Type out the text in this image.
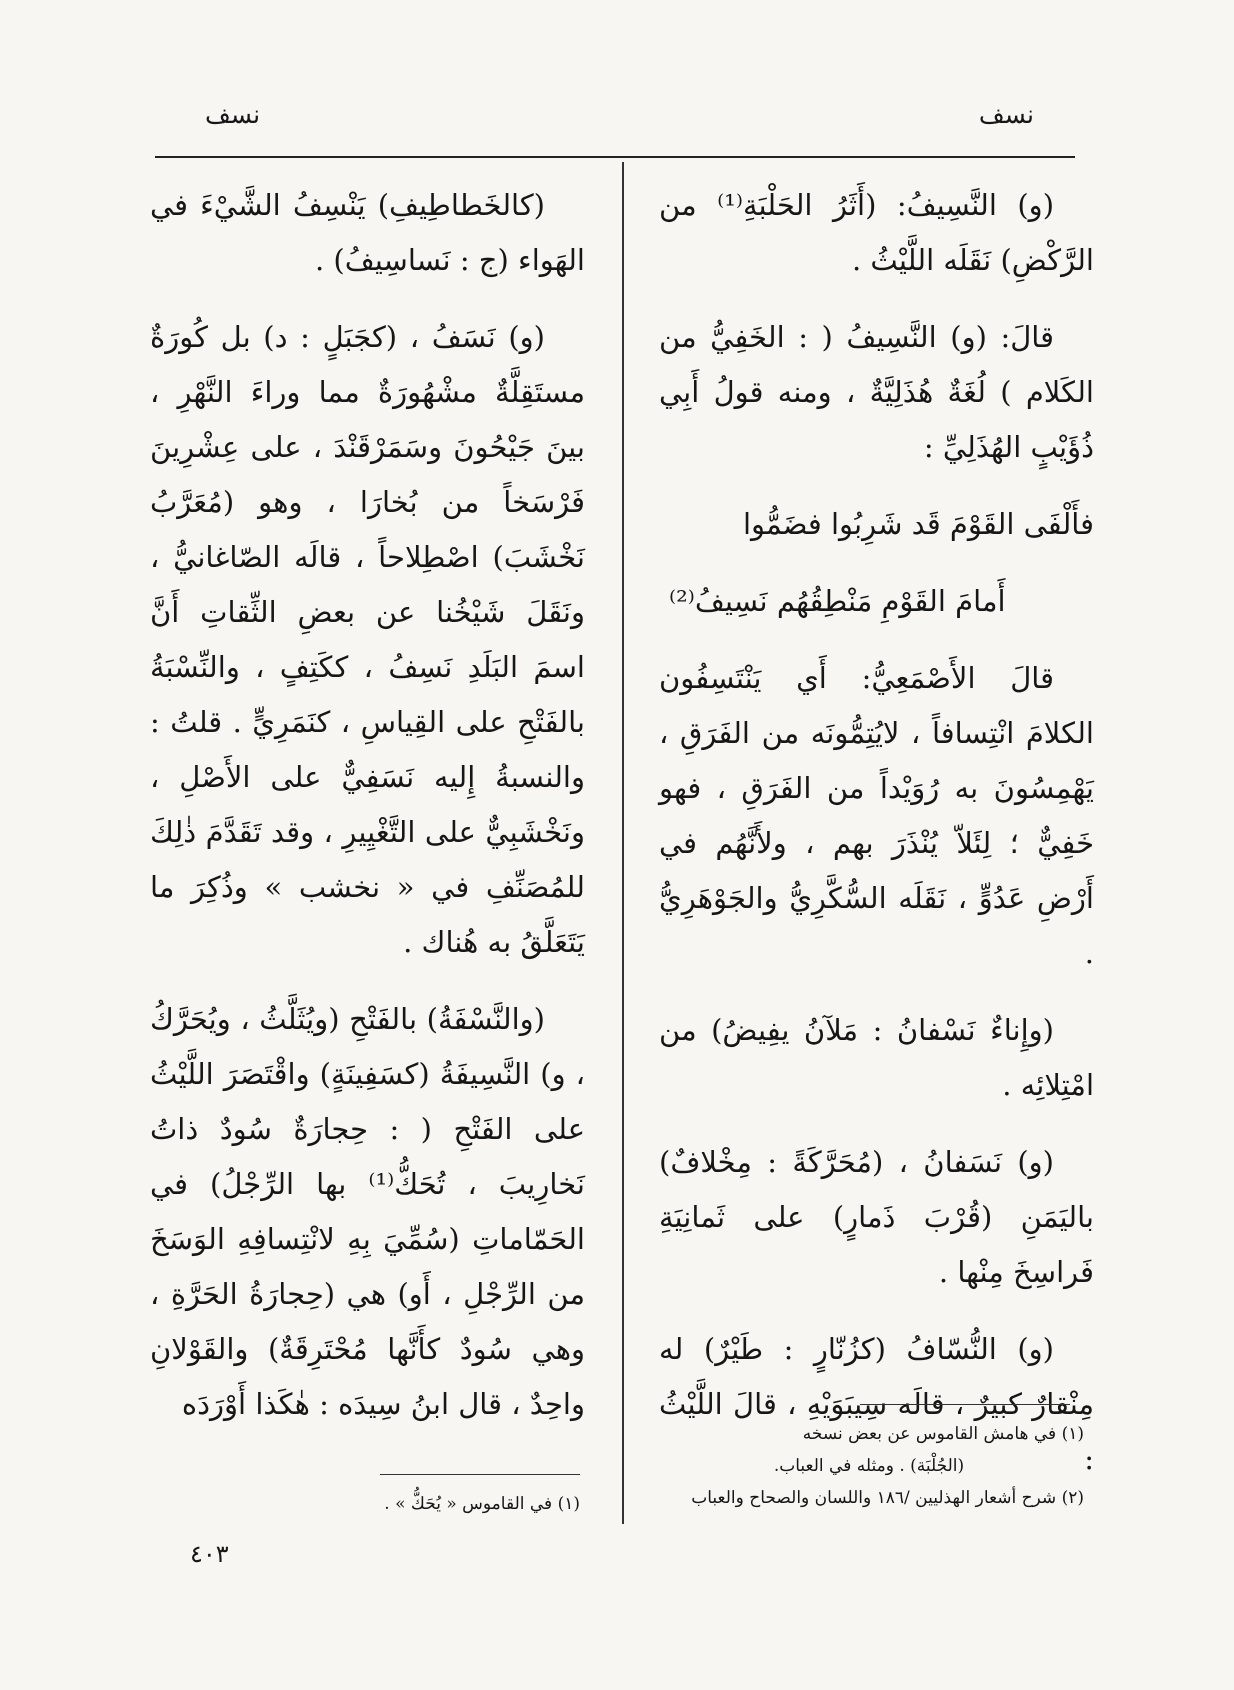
نسف
نسف

(و) النَّسِيفُ: (أَثَرُ الحَلْبَةِ⁽¹⁾ من الرَّكْضِ) نَقَلَه اللَّيْثُ .

قالَ: (و) النَّسِيفُ ( : الخَفِيُّ من الكَلام ) لُغَةٌ هُذَلِيَّةٌ ، ومنه قولُ أَبِي ذُؤَيْبٍ الهُذَلِيِّ :

فأَلْفَى القَوْمَ قَد شَرِبُوا فضَمُّوا
أَمامَ القَوْمِ مَنْطِقُهُم نَسِيفُ⁽²⁾

قالَ الأَصْمَعِيُّ: أَي يَنْتَسِفُون الكلامَ انْتِسافاً ، لايُتِمُّونَه من الفَرَقِ ، يَهْمِسُونَ به رُوَيْداً من الفَرَقِ ، فهو خَفِيٌّ ؛ لِئَلاّ يُنْذَرَ بهم ، ولأَنَّهُم في أَرْضِ عَدُوٍّ ، نَقَلَه السُّكَّرِيُّ والجَوْهَرِيُّ .

(وإِناءٌ نَسْفانُ : مَلآنُ يفِيضُ) من امْتِلائِه .

(و) نَسَفانُ ، (مُحَرَّكَةً : مِخْلافٌ) باليَمَنِ (قُرْبَ ذَمارٍ) على ثَمانِيَةِ فَراسِخَ مِنْها .

(و) النُّسّافُ (كزُنّارٍ : طَيْرٌ) له مِنْقارٌ كبيرٌ ، قالَه سِيبَوَيْهِ ، قالَ اللَّيْثُ :

(كالخَطاطِيفِ) يَنْسِفُ الشَّيْءَ في الهَواء (ج : نَساسِيفُ) .

(و) نَسَفُ ، (كجَبَلٍ : د) بل كُورَةٌ مستَقِلَّةٌ مشْهُورَةٌ مما وراءَ النَّهْرِ ، بينَ جَيْحُونَ وسَمَرْقَنْدَ ، على عِشْرِينَ فَرْسَخاً من بُخارَا ، وهو (مُعَرَّبُ نَخْشَبَ) اصْطِلاحاً ، قالَه الصّاغانيُّ ، ونَقَلَ شَيْخُنا عن بعضِ الثِّقاتِ أَنَّ اسمَ البَلَدِ نَسِفُ ، ككَتِفٍ ، والنِّسْبَةُ بالفَتْحِ على القِياسِ ، كنَمَرِيٍّ . قلتُ : والنسبةُ إِليه نَسَفِيٌّ على الأَصْلِ ، ونَخْشَبِيٌّ على التَّغْيِيرِ ، وقد تَقَدَّمَ ذٰلِكَ للمُصَنِّفِ في « نخشب » وذُكِرَ ما يَتَعَلَّقُ به هُناك .

(والنَّسْفَةُ) بالفَتْحِ (ويُثَلَّثُ ، ويُحَرَّكُ ، و) النَّسِيفَةُ (كسَفِينَةٍ) واقْتَصَرَ اللَّيْثُ على الفَتْحِ ( : حِجارَةٌ سُودٌ ذاتُ نَخارِيبَ ، تُحَكُّ⁽¹⁾ بها الرِّجْلُ) في الحَمّاماتِ (سُمِّيَ بِهِ لانْتِسافِهِ الوَسَخَ من الرِّجْلِ ، أَو) هي (حِجارَةُ الحَرَّةِ ، وهي سُودٌ كأَنَّها مُحْتَرِقَةٌ) والقَوْلانِ واحِدٌ ، قال ابنُ سِيدَه : هٰكَذا أَوْرَدَه

(١) في هامش القاموس عن بعض نسخه

(الجُلْبَة) . ومثله في العباب.

(٢) شرح أشعار الهذليين /١٨٦ واللسان والصحاح والعباب

(١) في القاموس « يُحَكُّ » .

٤٠٣
